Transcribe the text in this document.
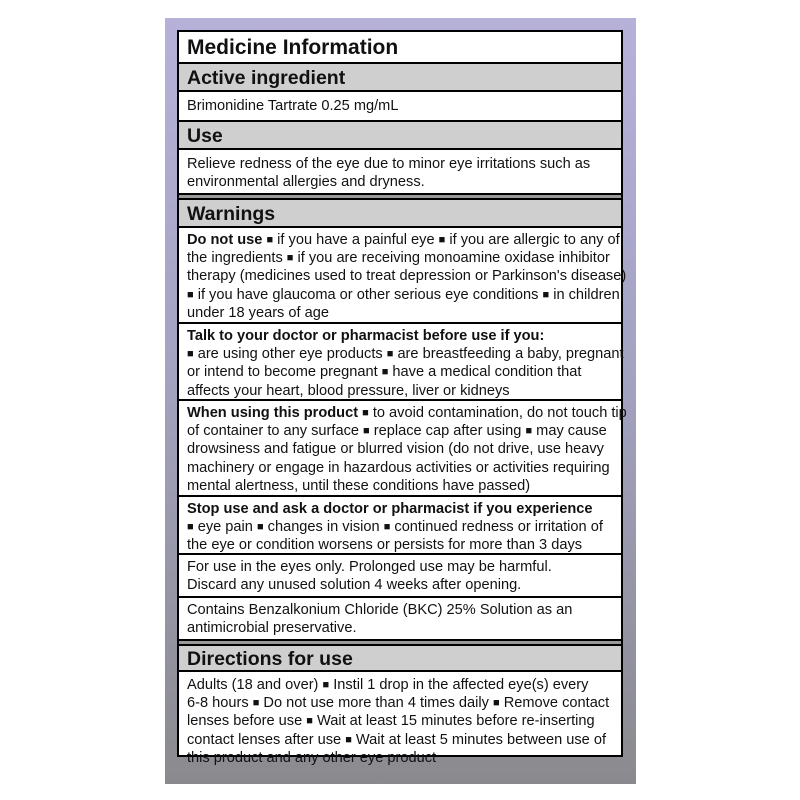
Medicine Information
Active ingredient
Brimonidine Tartrate 0.25 mg/mL
Use
Relieve redness of the eye due to minor eye irritations such as
environmental allergies and dryness.
Warnings
Do not use ■ if you have a painful eye ■ if you are allergic to any of
the ingredients ■ if you are receiving monoamine oxidase inhibitor
therapy (medicines used to treat depression or Parkinson's disease)
■ if you have glaucoma or other serious eye conditions ■ in children
under 18 years of age
Talk to your doctor or pharmacist before use if you:
■ are using other eye products ■ are breastfeeding a baby, pregnant
or intend to become pregnant ■ have a medical condition that
affects your heart, blood pressure, liver or kidneys
When using this product ■ to avoid contamination, do not touch tip
of container to any surface ■ replace cap after using ■ may cause
drowsiness and fatigue or blurred vision (do not drive, use heavy
machinery or engage in hazardous activities or activities requiring
mental alertness, until these conditions have passed)
Stop use and ask a doctor or pharmacist if you experience
■ eye pain ■ changes in vision ■ continued redness or irritation of
the eye or condition worsens or persists for more than 3 days
For use in the eyes only. Prolonged use may be harmful.
Discard any unused solution 4 weeks after opening.
Contains Benzalkonium Chloride (BKC) 25% Solution as an
antimicrobial preservative.
Directions for use
Adults (18 and over) ■ Instil 1 drop in the affected eye(s) every
6-8 hours ■ Do not use more than 4 times daily ■ Remove contact
lenses before use ■ Wait at least 15 minutes before re-inserting
contact lenses after use ■ Wait at least 5 minutes between use of
this product and any other eye product
